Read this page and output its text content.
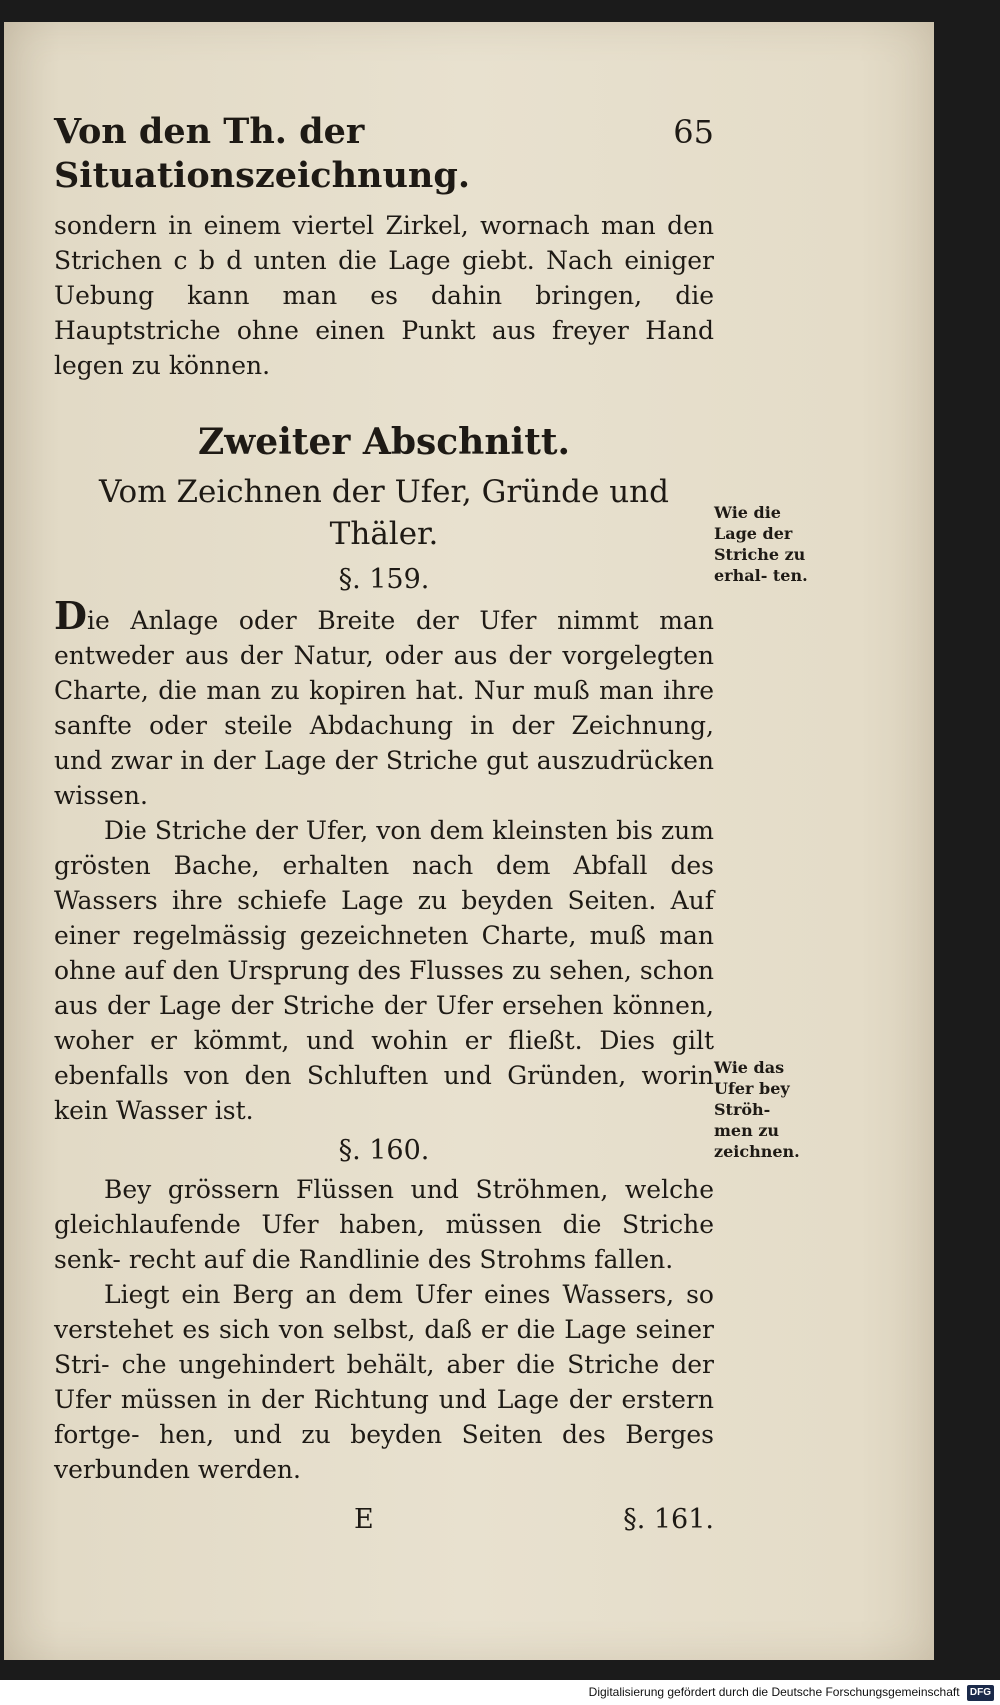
Von den Th. der Situationszeichnung.
65

sondern in einem viertel Zirkel, wornach man den Strichen c b d unten die Lage giebt. Nach einiger Uebung kann man es dahin bringen, die Hauptstriche ohne einen Punkt aus freyer Hand legen zu können.

Zweiter Abschnitt.
Vom Zeichnen der Ufer, Gründe und Thäler.
§. 159.

Die Anlage oder Breite der Ufer nimmt man entweder aus der Natur, oder aus der vorgelegten Charte, die man zu kopiren hat. Nur muß man ihre sanfte oder steile Abdachung in der Zeichnung, und zwar in der Lage der Striche gut auszudrücken wissen.

Die Striche der Ufer, von dem kleinsten bis zum grösten Bache, erhalten nach dem Abfall des Wassers ihre schiefe Lage zu beyden Seiten. Auf einer regelmässig gezeichneten Charte, muß man ohne auf den Ursprung des Flusses zu sehen, schon aus der Lage der Striche der Ufer ersehen können, woher er kömmt, und wohin er fließt. Dies gilt ebenfalls von den Schluften und Gründen, worin kein Wasser ist.

§. 160.

Bey grössern Flüssen und Ströhmen, welche gleichlaufende Ufer haben, müssen die Striche senk- recht auf die Randlinie des Strohms fallen.

Liegt ein Berg an dem Ufer eines Wassers, so verstehet es sich von selbst, daß er die Lage seiner Stri- che ungehindert behält, aber die Striche der Ufer müssen in der Richtung und Lage der erstern fortge- hen, und zu beyden Seiten des Berges verbunden werden.

E	§. 161.
Wie die Lage der Striche zu erhal- ten.
Wie das Ufer bey Ströh- men zu zeichnen.
Digitalisierung gefördert durch die Deutsche Forschungsgemeinschaft DFG
